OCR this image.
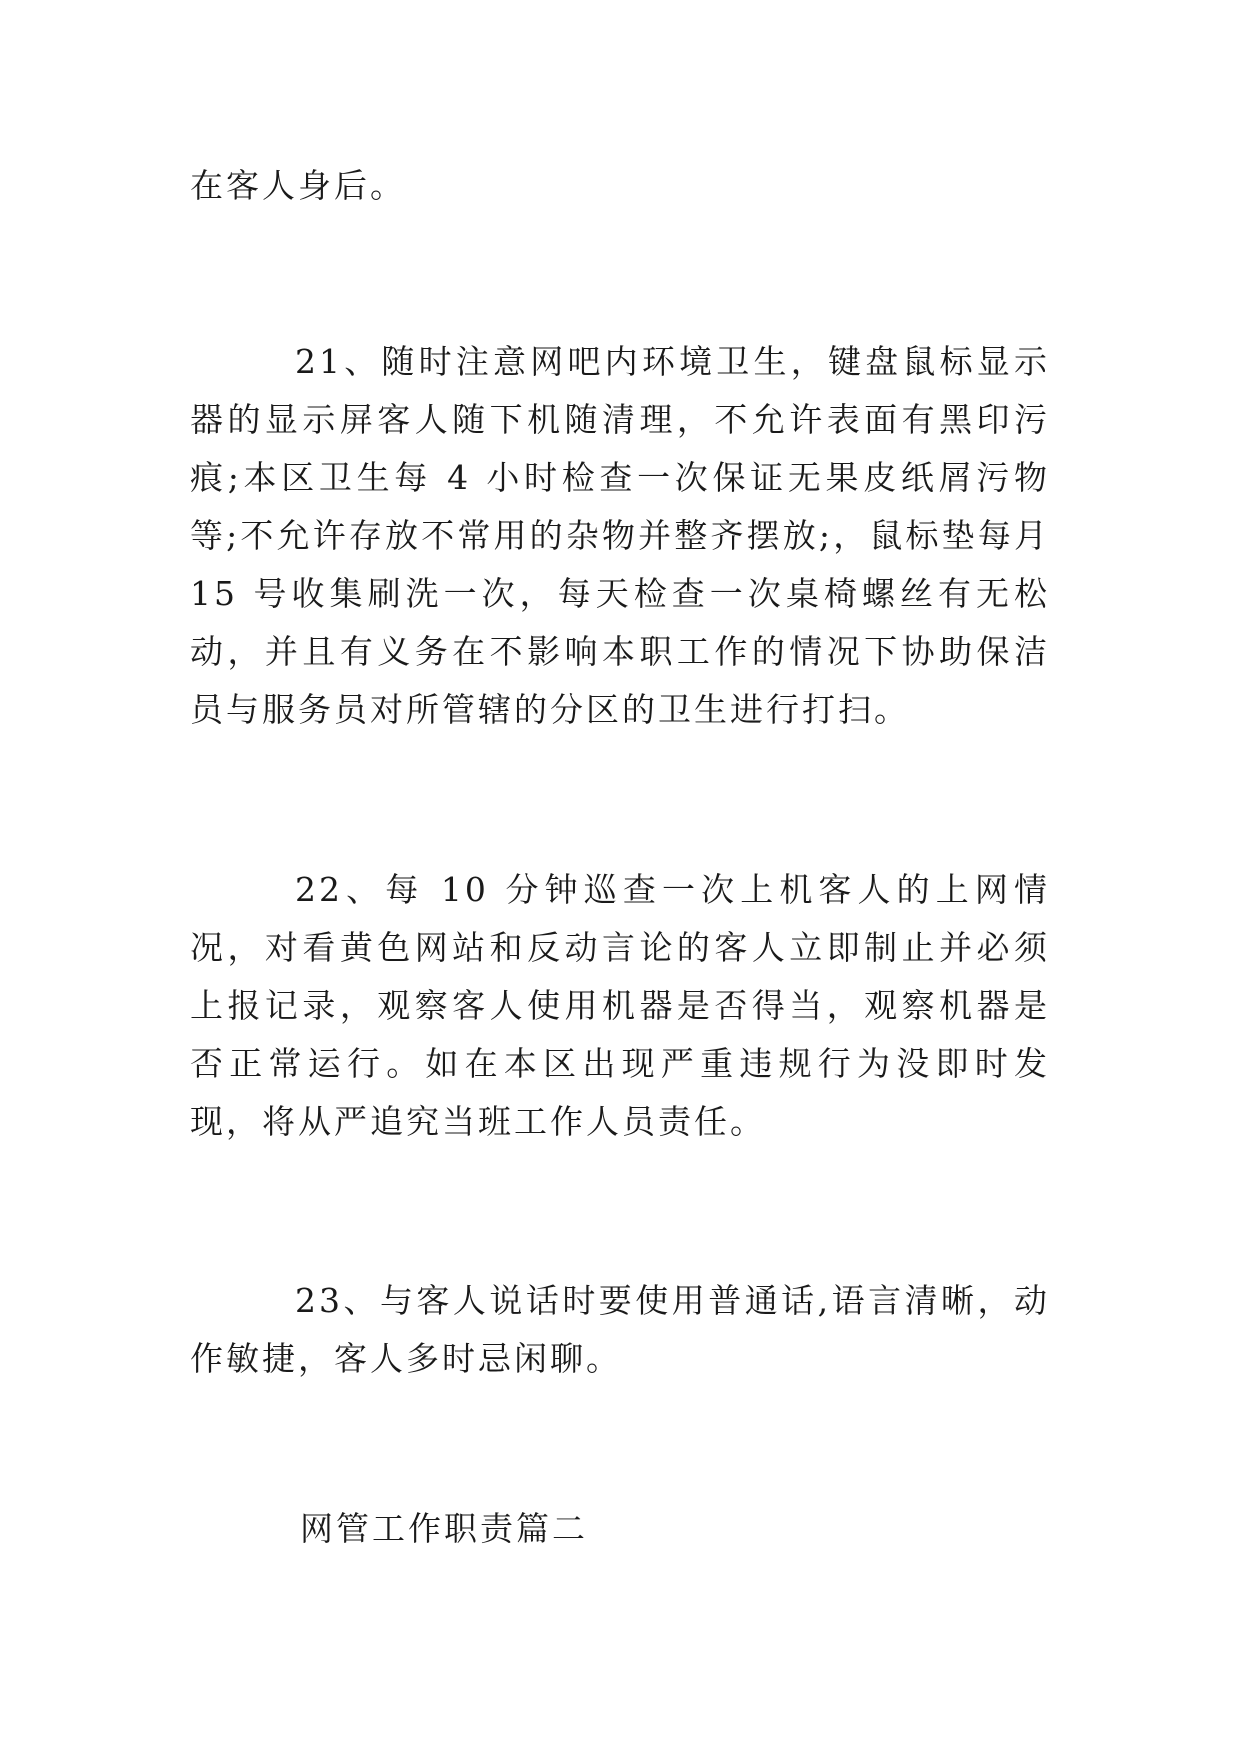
在客人身后。

21、随时注意网吧内环境卫生，键盘鼠标显示器的显示屏客人随下机随清理，不允许表面有黑印污痕;本区卫生每 4 小时检查一次保证无果皮纸屑污物等;不允许存放不常用的杂物并整齐摆放;，鼠标垫每月 15 号收集刷洗一次，每天检查一次桌椅螺丝有无松动，并且有义务在不影响本职工作的情况下协助保洁员与服务员对所管辖的分区的卫生进行打扫。

22、每 10 分钟巡查一次上机客人的上网情况，对看黄色网站和反动言论的客人立即制止并必须上报记录，观察客人使用机器是否得当，观察机器是否正常运行。如在本区出现严重违规行为没即时发现，将从严追究当班工作人员责任。

23、与客人说话时要使用普通话,语言清晰，动作敏捷，客人多时忌闲聊。

网管工作职责篇二
